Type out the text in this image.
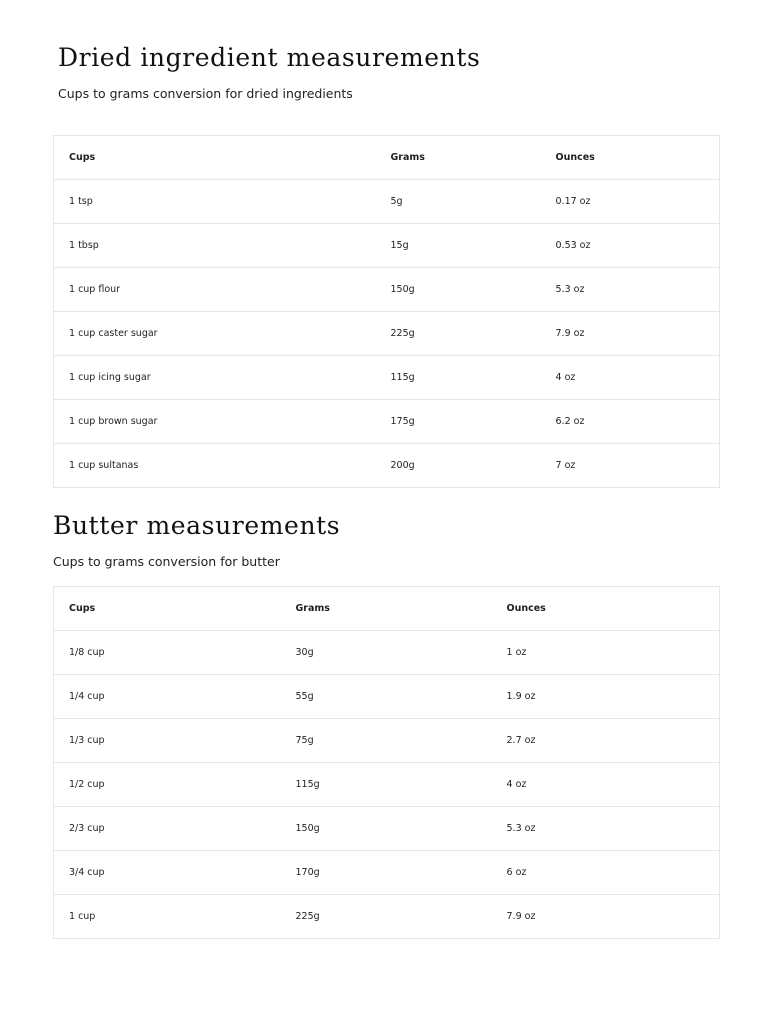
Dried ingredient measurements

Cups to grams conversion for dried ingredients

Cups	Grams	Ounces
1 tsp	5g	0.17 oz
1 tbsp	15g	0.53 oz
1 cup flour	150g	5.3 oz
1 cup caster sugar	225g	7.9 oz
1 cup icing sugar	115g	4 oz
1 cup brown sugar	175g	6.2 oz
1 cup sultanas	200g	7 oz
Butter measurements

Cups to grams conversion for butter

Cups	Grams	Ounces
1/8 cup	30g	1 oz
1/4 cup	55g	1.9 oz
1/3 cup	75g	2.7 oz
1/2 cup	115g	4 oz
2/3 cup	150g	5.3 oz
3/4 cup	170g	6 oz
1 cup	225g	7.9 oz
